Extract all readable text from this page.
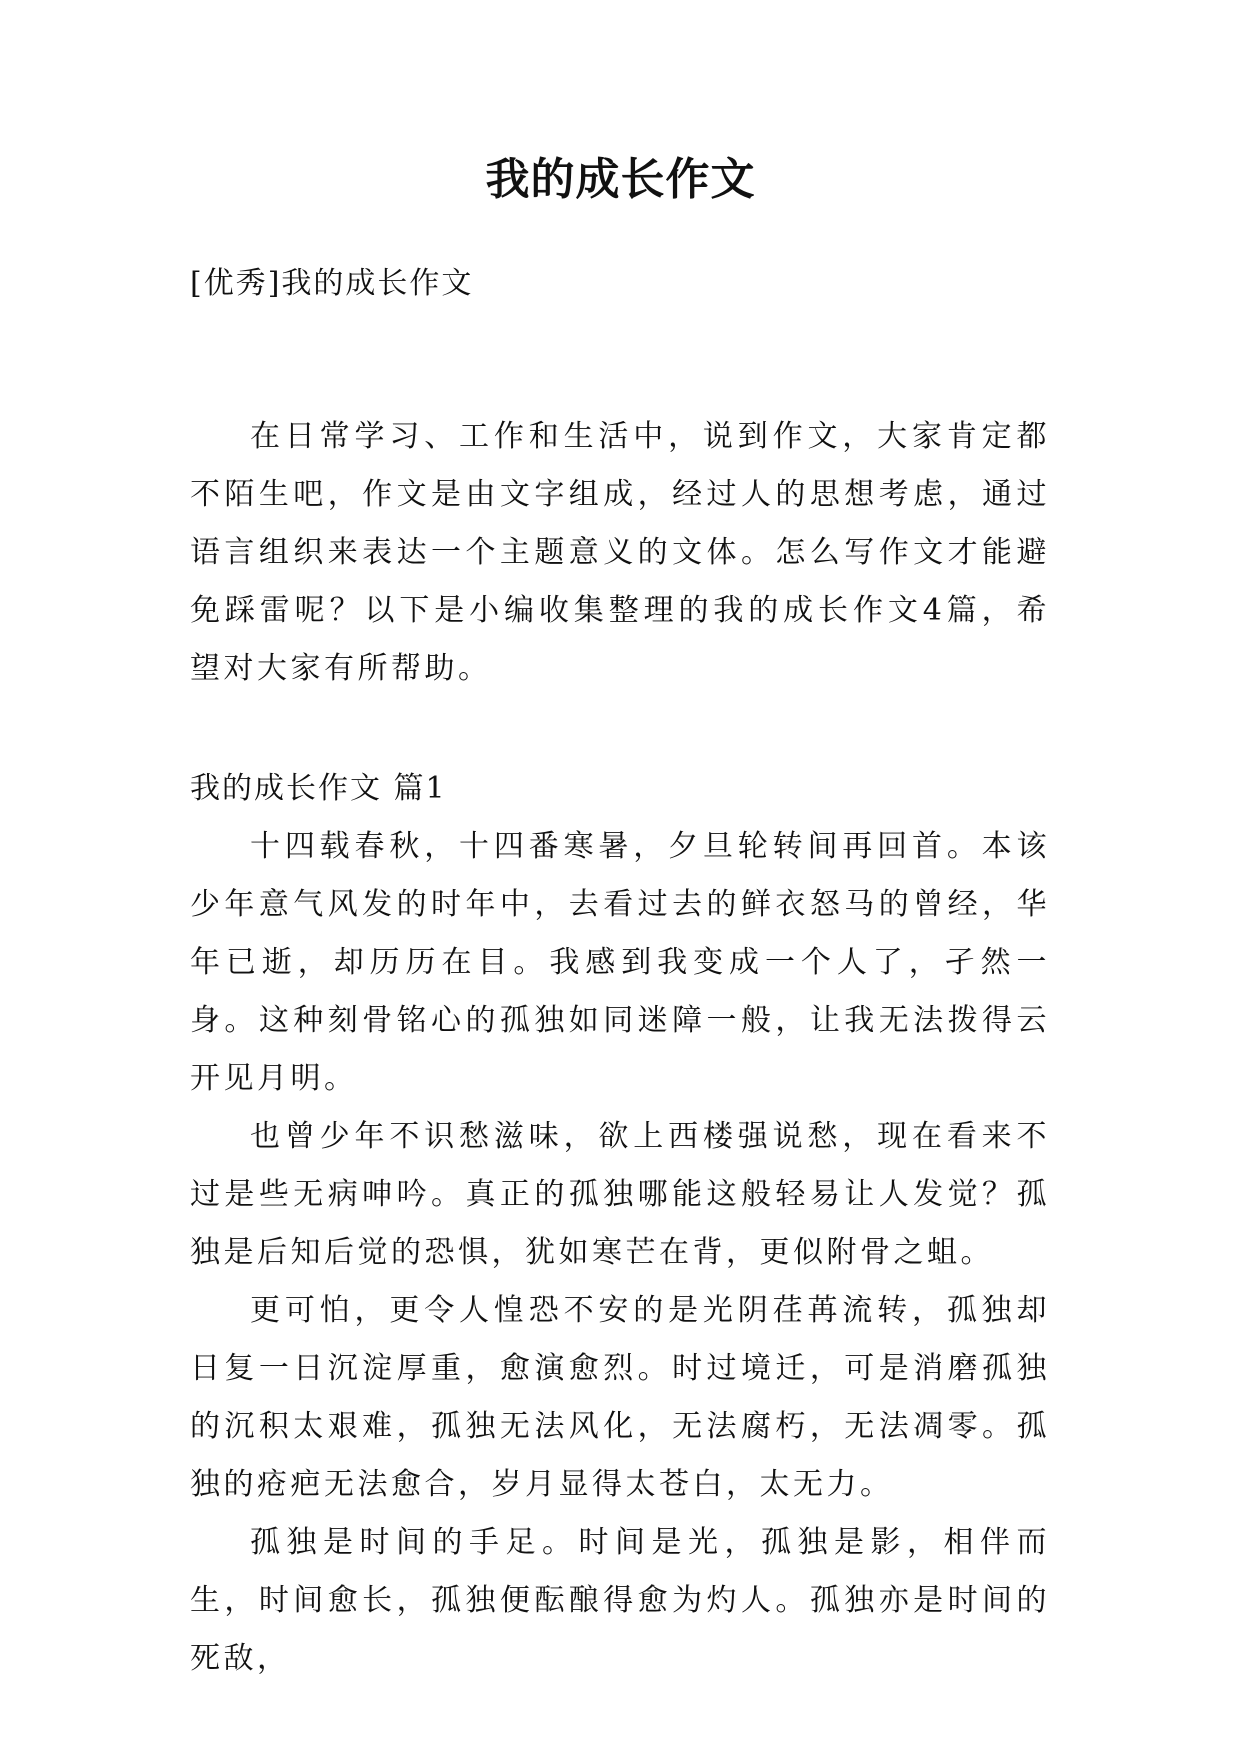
我的成长作文
[优秀]我的成长作文

在日常学习、工作和生活中，说到作文，大家肯定都不陌生吧，作文是由文字组成，经过人的思想考虑，通过语言组织来表达一个主题意义的文体。怎么写作文才能避免踩雷呢？以下是小编收集整理的我的成长作文4篇，希望对大家有所帮助。

我的成长作文 篇1

十四载春秋，十四番寒暑，夕旦轮转间再回首。本该少年意气风发的时年中，去看过去的鲜衣怒马的曾经，华年已逝，却历历在目。我感到我变成一个人了，孑然一身。这种刻骨铭心的孤独如同迷障一般，让我无法拨得云开见月明。

也曾少年不识愁滋味，欲上西楼强说愁，现在看来不过是些无病呻吟。真正的孤独哪能这般轻易让人发觉？孤独是后知后觉的恐惧，犹如寒芒在背，更似附骨之蛆。

更可怕，更令人惶恐不安的是光阴荏苒流转，孤独却日复一日沉淀厚重，愈演愈烈。时过境迁，可是消磨孤独的沉积太艰难，孤独无法风化，无法腐朽，无法凋零。孤独的疮疤无法愈合，岁月显得太苍白，太无力。

孤独是时间的手足。时间是光，孤独是影，相伴而生，时间愈长，孤独便酝酿得愈为灼人。孤独亦是时间的死敌，
